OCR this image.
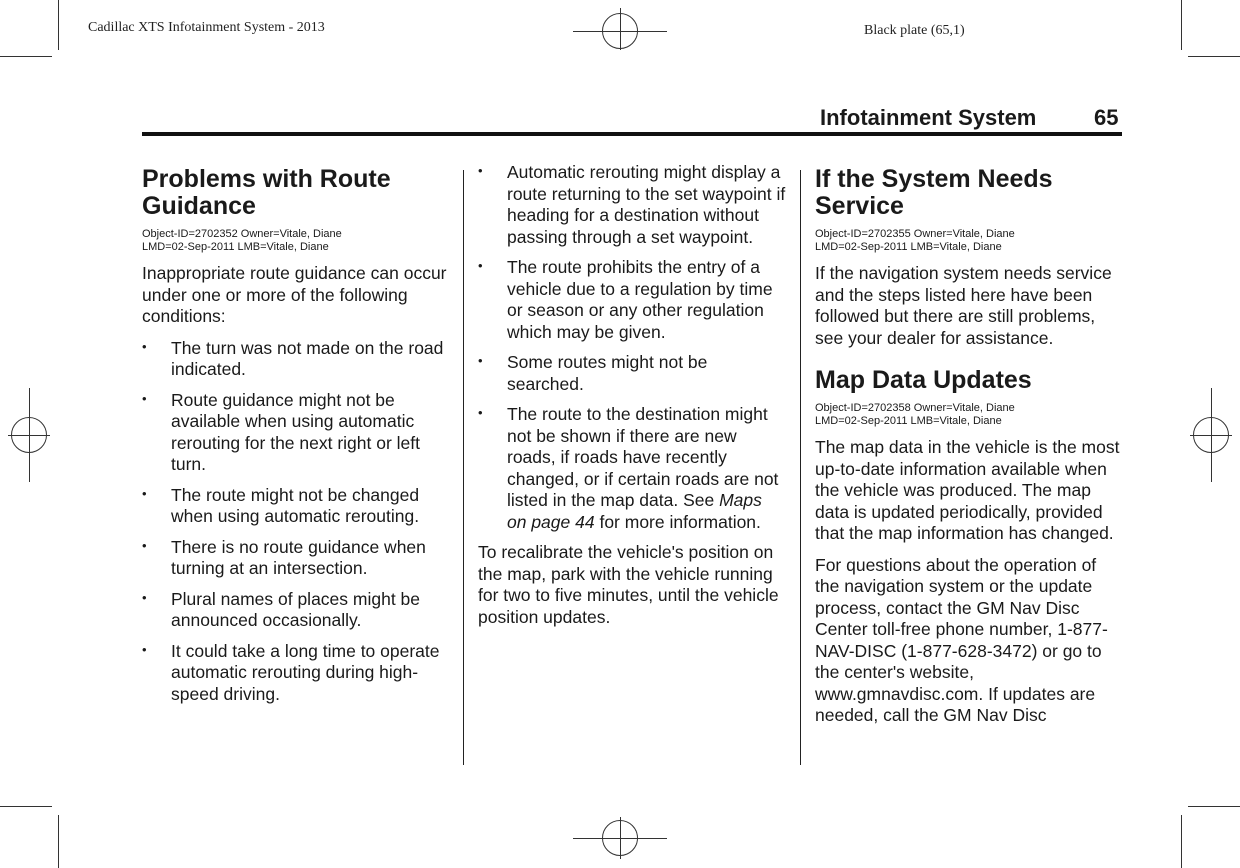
Cadillac XTS Infotainment System - 2013	Black plate (65,1)
Infotainment System	65
Problems with Route Guidance
Object-ID=2702352 Owner=Vitale, Diane
LMD=02-Sep-2011 LMB=Vitale, Diane

Inappropriate route guidance can occur under one or more of the following conditions:

• The turn was not made on the road indicated.
• Route guidance might not be available when using automatic rerouting for the next right or left turn.
• The route might not be changed when using automatic rerouting.
• There is no route guidance when turning at an intersection.
• Plural names of places might be announced occasionally.
• It could take a long time to operate automatic rerouting during high-speed driving.
• Automatic rerouting might display a route returning to the set waypoint if heading for a destination without passing through a set waypoint.
• The route prohibits the entry of a vehicle due to a regulation by time or season or any other regulation which may be given.
• Some routes might not be searched.
• The route to the destination might not be shown if there are new roads, if roads have recently changed, or if certain roads are not listed in the map data. See Maps on page 44 for more information.

To recalibrate the vehicle's position on the map, park with the vehicle running for two to five minutes, until the vehicle position updates.

If the System Needs Service
Object-ID=2702355 Owner=Vitale, Diane
LMD=02-Sep-2011 LMB=Vitale, Diane

If the navigation system needs service and the steps listed here have been followed but there are still problems, see your dealer for assistance.

Map Data Updates
Object-ID=2702358 Owner=Vitale, Diane
LMD=02-Sep-2011 LMB=Vitale, Diane

The map data in the vehicle is the most up-to-date information available when the vehicle was produced. The map data is updated periodically, provided that the map information has changed.

For questions about the operation of the navigation system or the update process, contact the GM Nav Disc Center toll-free phone number, 1-877-NAV-DISC (1-877-628-3472) or go to the center's website, www.gmnavdisc.com. If updates are needed, call the GM Nav Disc
